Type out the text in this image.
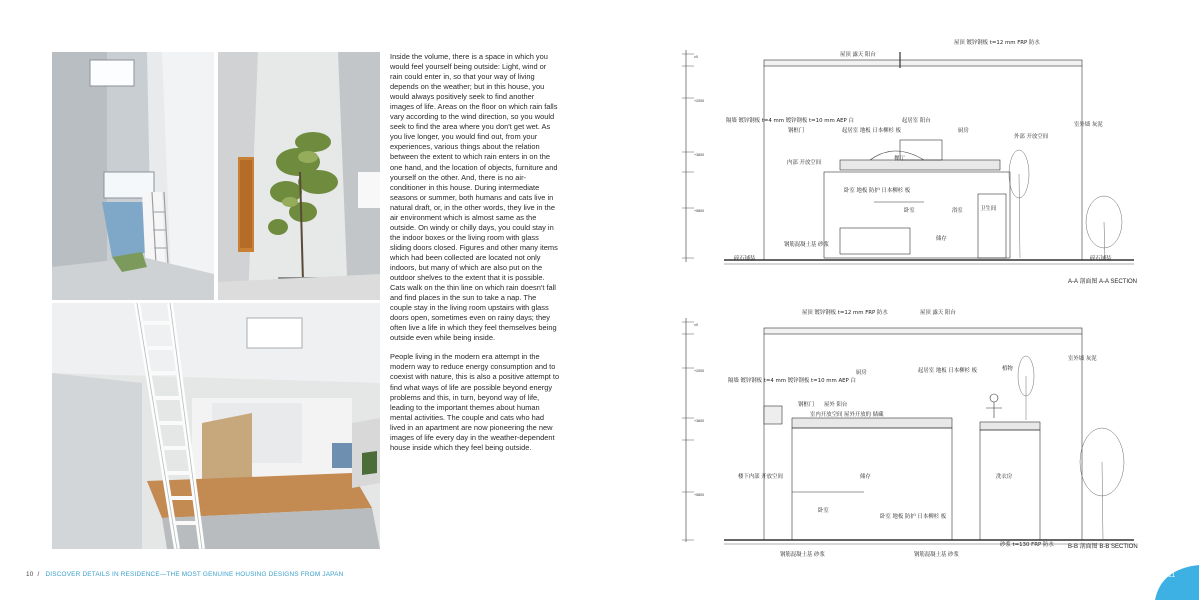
Inside the volume, there is a space in which you would feel yourself being outside: Light, wind or rain could enter in, so that your way of living depends on the weather; but in this house, you would always positively seek to find another images of life. Areas on the floor on which rain falls vary according to the wind direction, so you would seek to find the area where you don't get wet. As you live longer, you would find out, from your experiences, various things about the relation between the extent to which rain enters in on the one hand, and the location of objects, furniture and yourself on the other. And, there is no air-conditioner in this house. During intermediate seasons or summer, both humans and cats live in natural draft, or, in the other words, they live in the air environment which is almost same as the outside. On windy or chilly days, you could stay in the indoor boxes or the living room with glass sliding doors closed. Figures and other many items which had been collected are located not only indoors, but many of which are also put on the outdoor shelves to the extent that it is possible. Cats walk on the thin line on which rain doesn't fall and find places in the sun to take a nap. The couple stay in the living room upstairs with glass doors open, sometimes even on rainy days; they often live a life in which they feel themselves being outside even while being inside.

People living in the modern era attempt in the modern way to reduce energy consumption and to coexist with nature, this is also a positive attempt to find what ways of life are possible beyond energy problems and this, in turn, beyond way of life, leading to the important themes about human mental activities. The couple and cats who had lived in an apartment are now pioneering the new images of life every day in the weather-dependent house inside which they feel being outside.

10 / DISCOVER DETAILS IN RESIDENCE—THE MOST GENUINE HOUSING DESIGNS FROM JAPAN
屋顶 镀锌钢板 t=12 mm FRP 防水
屋顶 露天 阳台
隔墙 镀锌钢板 t=4 mm 镀锌钢板 t=10 mm AEP 白
起居室 地板 日本柳杉 板
起居室 阳台
厨房
钢框门
内部 开放空间
外部 开放空间
卧室 地板 防护 日本柳杉 板
卧室	浴室	卫生间
储存
钢筋混凝土基 砂浆
室外墙 灰泥
碎石铺装	碎石铺装
餐厅
屋顶 镀锌钢板 t=12 mm FRP 防水	屋顶 露天 阳台
隔墙 镀锌钢板 t=4 mm 镀锌钢板 t=10 mm AEP 白
起居室 地板 日本柳杉 板
厨房
钢框门 屋外 阳台
室内开放空间 屋外开放的 储藏
楼下内部 开放空间
卧室
储存
卧室 地板 防护 日本柳杉 板
洗衣房
室外墙 灰泥
钢筋混凝土基 砂浆	钢筋混凝土基 砂浆
砂浆 t=130 FRP 防水
植物
±0
+2000
+3800
+5800
±0
+2000
+3800
+5800
A-A 剖面图 A-A SECTION
B-B 剖面图 B-B SECTION
/ 11
